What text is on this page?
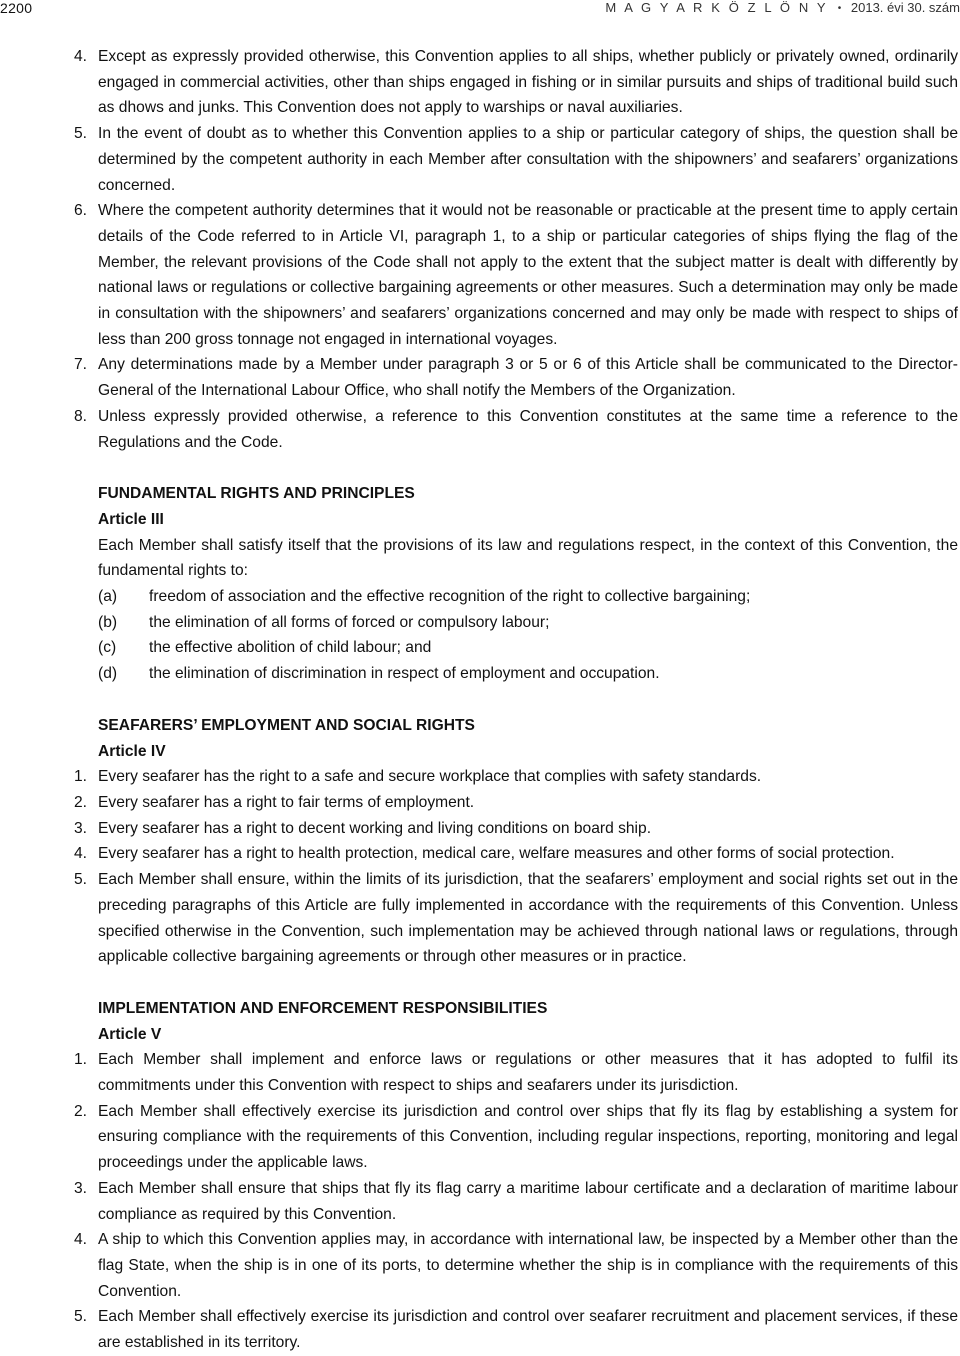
2200	M A G Y A R K Ö Z L Ö N Y • 2013. évi 30. szám

4. Except as expressly provided otherwise, this Convention applies to all ships, whether publicly or privately owned, ordinarily engaged in commercial activities, other than ships engaged in fishing or in similar pursuits and ships of traditional build such as dhows and junks. This Convention does not apply to warships or naval auxiliaries.

5. In the event of doubt as to whether this Convention applies to a ship or particular category of ships, the question shall be determined by the competent authority in each Member after consultation with the shipowners’ and seafarers’ organizations concerned.

6. Where the competent authority determines that it would not be reasonable or practicable at the present time to apply certain details of the Code referred to in Article VI, paragraph 1, to a ship or particular categories of ships flying the flag of the Member, the relevant provisions of the Code shall not apply to the extent that the subject matter is dealt with differently by national laws or regulations or collective bargaining agreements or other measures. Such a determination may only be made in consultation with the shipowners’ and seafarers’ organizations concerned and may only be made with respect to ships of less than 200 gross tonnage not engaged in international voyages.

7. Any determinations made by a Member under paragraph 3 or 5 or 6 of this Article shall be communicated to the Director-General of the International Labour Office, who shall notify the Members of the Organization.

8. Unless expressly provided otherwise, a reference to this Convention constitutes at the same time a reference to the Regulations and the Code.

FUNDAMENTAL RIGHTS AND PRINCIPLES
Article III

Each Member shall satisfy itself that the provisions of its law and regulations respect, in the context of this Convention, the fundamental rights to:

(a) freedom of association and the effective recognition of the right to collective bargaining;

(b) the elimination of all forms of forced or compulsory labour;

(c) the effective abolition of child labour; and

(d) the elimination of discrimination in respect of employment and occupation.

SEAFARERS’ EMPLOYMENT AND SOCIAL RIGHTS
Article IV

1. Every seafarer has the right to a safe and secure workplace that complies with safety standards.

2. Every seafarer has a right to fair terms of employment.

3. Every seafarer has a right to decent working and living conditions on board ship.

4. Every seafarer has a right to health protection, medical care, welfare measures and other forms of social protection.

5. Each Member shall ensure, within the limits of its jurisdiction, that the seafarers’ employment and social rights set out in the preceding paragraphs of this Article are fully implemented in accordance with the requirements of this Convention. Unless specified otherwise in the Convention, such implementation may be achieved through national laws or regulations, through applicable collective bargaining agreements or through other measures or in practice.

IMPLEMENTATION AND ENFORCEMENT RESPONSIBILITIES
Article V

1. Each Member shall implement and enforce laws or regulations or other measures that it has adopted to fulfil its commitments under this Convention with respect to ships and seafarers under its jurisdiction.

2. Each Member shall effectively exercise its jurisdiction and control over ships that fly its flag by establishing a system for ensuring compliance with the requirements of this Convention, including regular inspections, reporting, monitoring and legal proceedings under the applicable laws.

3. Each Member shall ensure that ships that fly its flag carry a maritime labour certificate and a declaration of maritime labour compliance as required by this Convention.

4. A ship to which this Convention applies may, in accordance with international law, be inspected by a Member other than the flag State, when the ship is in one of its ports, to determine whether the ship is in compliance with the requirements of this Convention.

5. Each Member shall effectively exercise its jurisdiction and control over seafarer recruitment and placement services, if these are established in its territory.
